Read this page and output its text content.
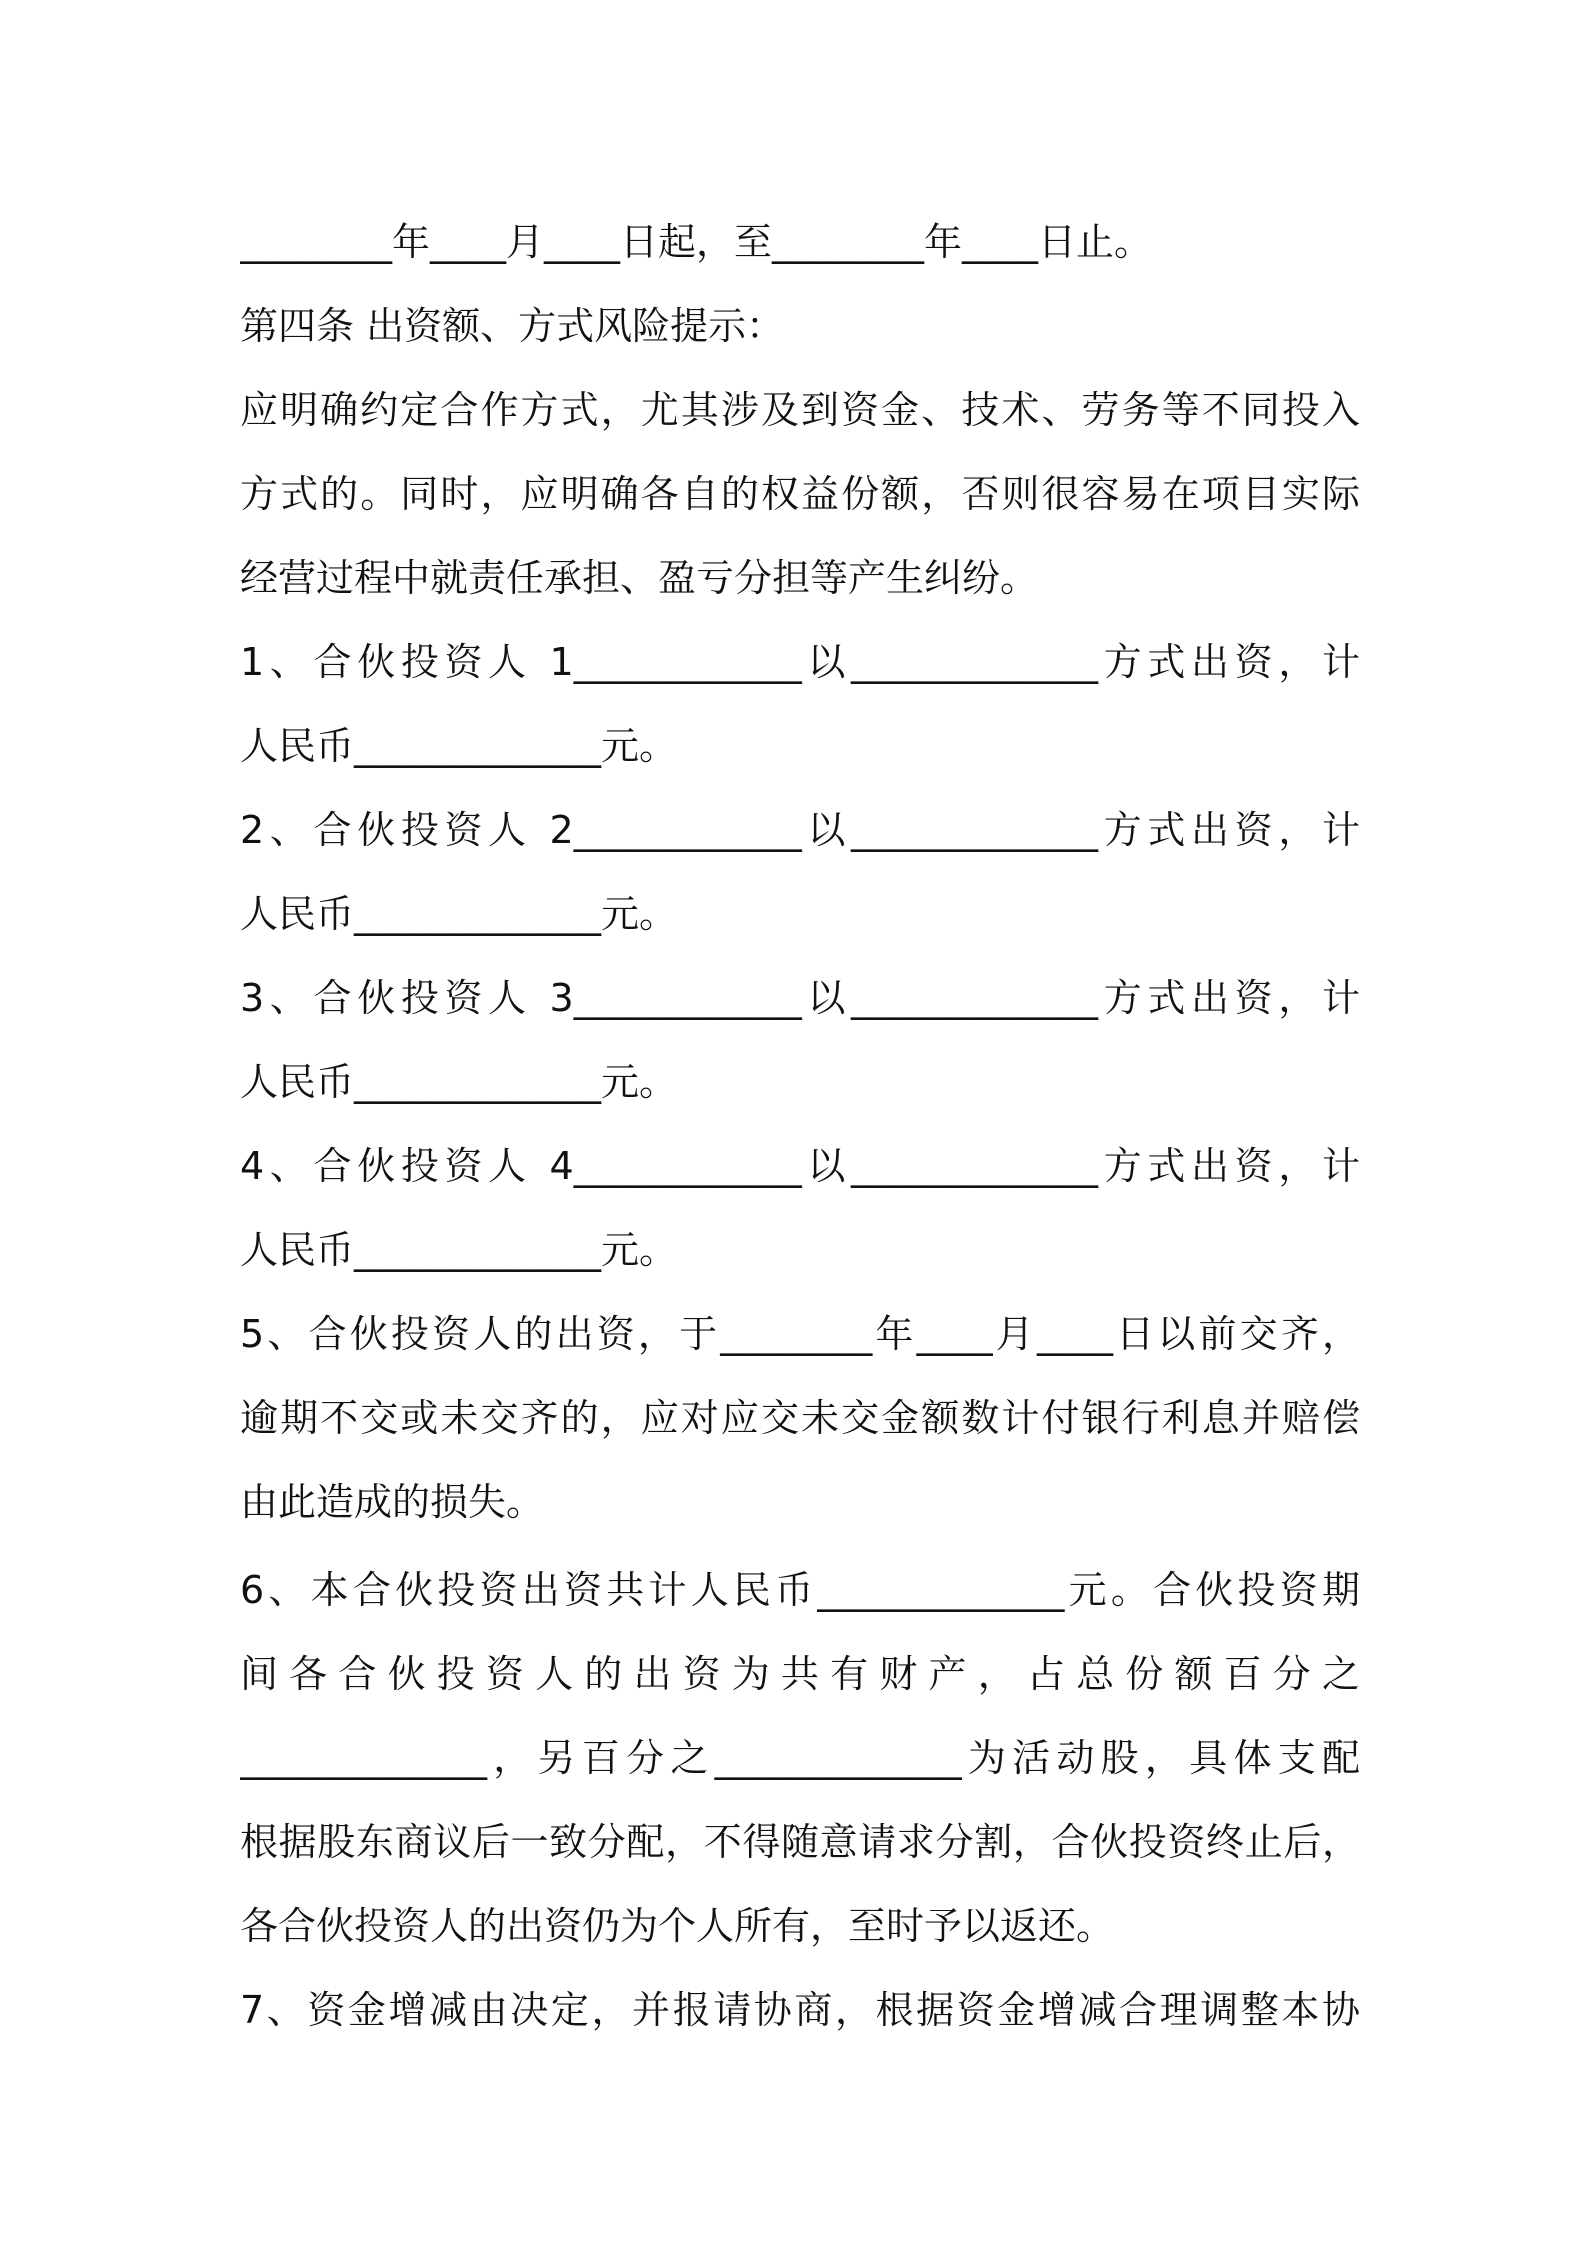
________年____月____日起，至________年____日止。
第四条 出资额、方式风险提示：
应明确约定合作方式，尤其涉及到资金、技术、劳务等不同投入
方式的。同时，应明确各自的权益份额，否则很容易在项目实际
经营过程中就责任承担、盈亏分担等产生纠纷。
1、合伙投资人 1____________以_____________方式出资，计
人民币_____________元。
2、合伙投资人 2____________以_____________方式出资，计
人民币_____________元。
3、合伙投资人 3____________以_____________方式出资，计
人民币_____________元。
4、合伙投资人 4____________以_____________方式出资，计
人民币_____________元。
5、合伙投资人的出资，于________年____月____日以前交齐，
逾期不交或未交齐的，应对应交未交金额数计付银行利息并赔偿
由此造成的损失。
6、本合伙投资出资共计人民币_____________元。合伙投资期
间各合伙投资人的出资为共有财产，占总份额百分之
_____________，另百分之_____________为活动股，具体支配
根据股东商议后一致分配，不得随意请求分割，合伙投资终止后，
各合伙投资人的出资仍为个人所有，至时予以返还。
7、资金增减由决定，并报请协商，根据资金增减合理调整本协
